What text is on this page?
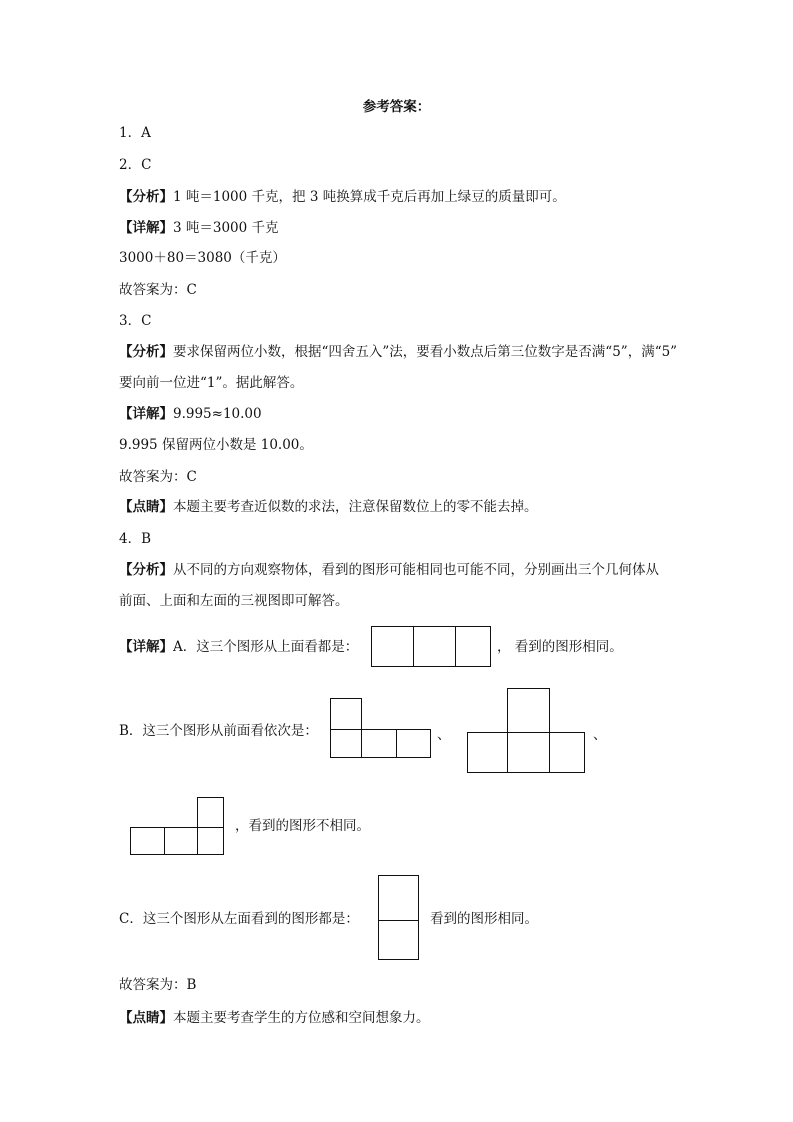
参考答案：
1．A
2．C
【分析】1 吨＝1000 千克，把 3 吨换算成千克后再加上绿豆的质量即可。
【详解】3 吨＝3000 千克
3000＋80＝3080（千克）
故答案为：C
3．C
【分析】要求保留两位小数，根据“四舍五入”法，要看小数点后第三位数字是否满“5”，满“5”
要向前一位进“1”。据此解答。
【详解】9.995≈10.00
9.995 保留两位小数是 10.00。
故答案为：C
【点睛】本题主要考查近似数的求法，注意保留数位上的零不能去掉。
4．B
【分析】从不同的方向观察物体，看到的图形可能相同也可能不同，分别画出三个几何体从
前面、上面和左面的三视图即可解答。
【详解】A．这三个图形从上面看都是：	， 看到的图形相同。
B．这三个图形从前面看依次是：	、	、
，看到的图形不相同。
C．这三个图形从左面看到的图形都是：	看到的图形相同。
故答案为：B
【点睛】本题主要考查学生的方位感和空间想象力。
